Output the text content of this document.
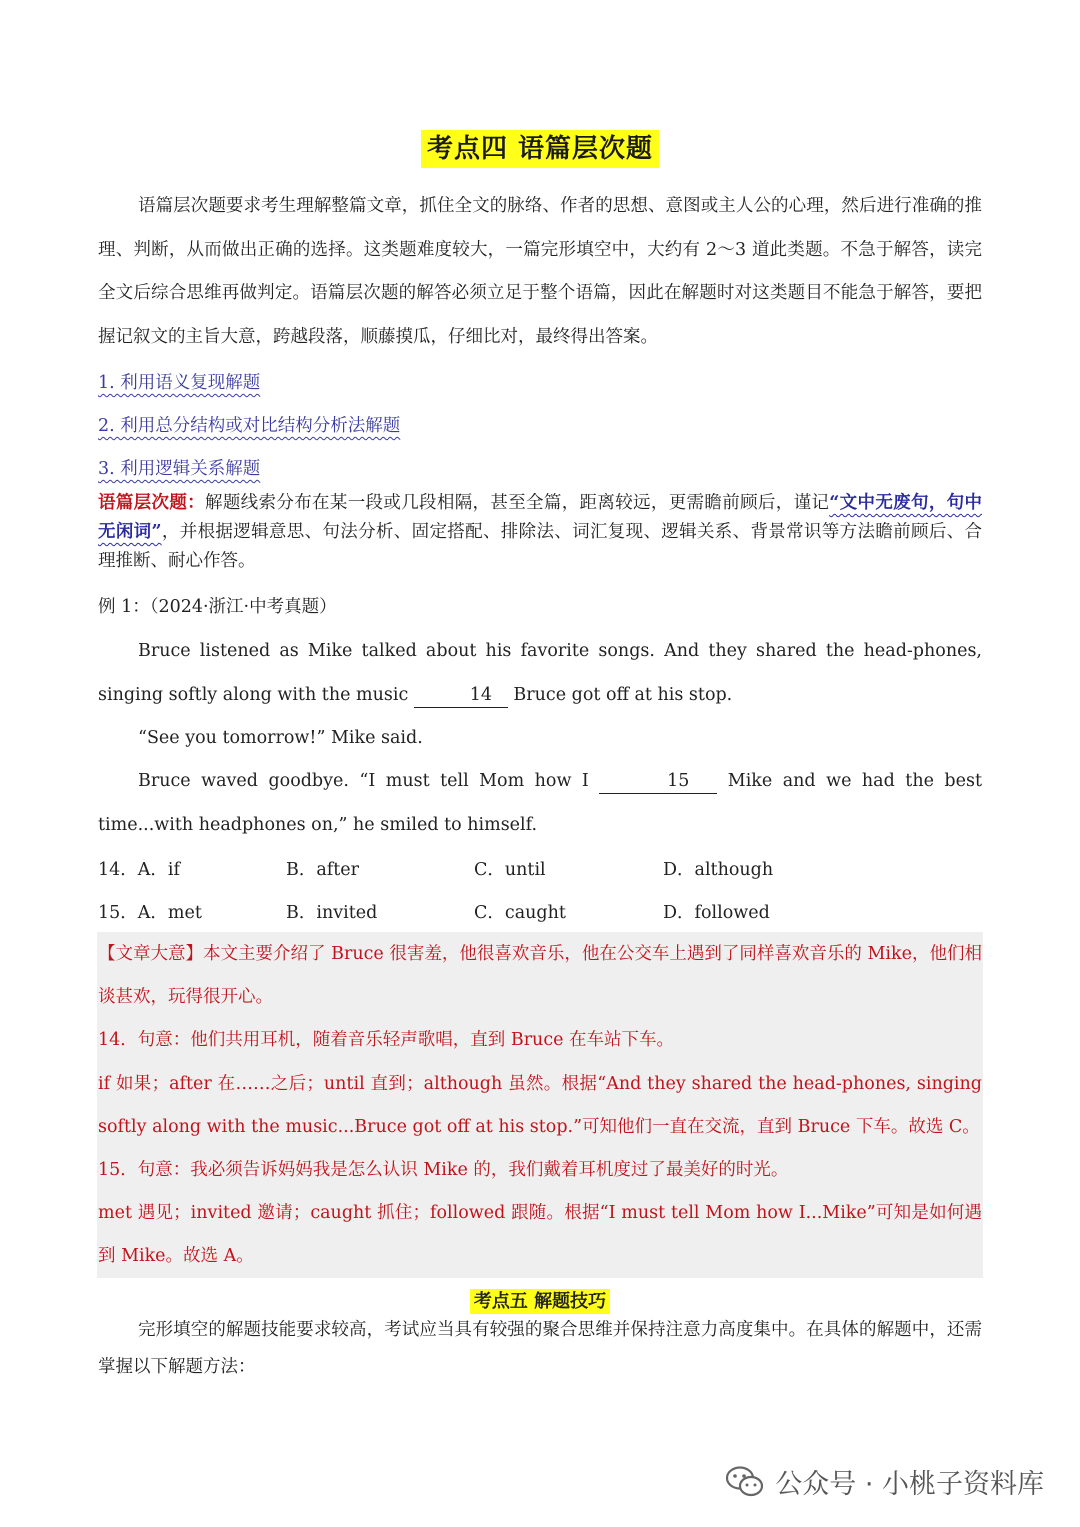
考点四 语篇层次题
语篇层次题要求考生理解整篇文章，抓住全文的脉络、作者的思想、意图或主人公的心理，然后进行准确的推理、判断，从而做出正确的选择。这类题难度较大，一篇完形填空中，大约有 2～3 道此类题。不急于解答，读完全文后综合思维再做判定。语篇层次题的解答必须立足于整个语篇，因此在解题时对这类题目不能急于解答，要把握记叙文的主旨大意，跨越段落，顺藤摸瓜，仔细比对，最终得出答案。
1. 利用语义复现解题
2. 利用总分结构或对比结构分析法解题
3. 利用逻辑关系解题
语篇层次题：解题线索分布在某一段或几段相隔，甚至全篇，距离较远，更需瞻前顾后，谨记“文中无废句，句中无闲词”，并根据逻辑意思、句法分析、固定搭配、排除法、词汇复现、逻辑关系、背景常识等方法瞻前顾后、合理推断、耐心作答。
例 1：（2024·浙江·中考真题）
Bruce listened as Mike talked about his favorite songs. And they shared the head-phones, singing softly along with the music	14 Bruce got off at his stop.
“See you tomorrow!” Mike said.
Bruce waved goodbye. “I must tell Mom how I	15 Mike and we had the best time...with headphones on,” he smiled to himself.
14．A．if	B．after	C．until	D．although
15．A．met	B．invited	C．caught	D．followed
【文章大意】本文主要介绍了 Bruce 很害羞，他很喜欢音乐，他在公交车上遇到了同样喜欢音乐的 Mike，他们相谈甚欢，玩得很开心。
14．句意：他们共用耳机，随着音乐轻声歌唱，直到 Bruce 在车站下车。
if 如果；after 在……之后；until 直到；although 虽然。根据“And they shared the head-phones, singing softly along with the music...Bruce got off at his stop.”可知他们一直在交流，直到 Bruce 下车。故选 C。
15．句意：我必须告诉妈妈我是怎么认识 Mike 的，我们戴着耳机度过了最美好的时光。
met 遇见；invited 邀请；caught 抓住；followed 跟随。根据“I must tell Mom how I...Mike”可知是如何遇到 Mike。故选 A。
考点五 解题技巧
完形填空的解题技能要求较高，考试应当具有较强的聚合思维并保持注意力高度集中。在具体的解题中，还需掌握以下解题方法：
公众号 · 小桃子资料库
